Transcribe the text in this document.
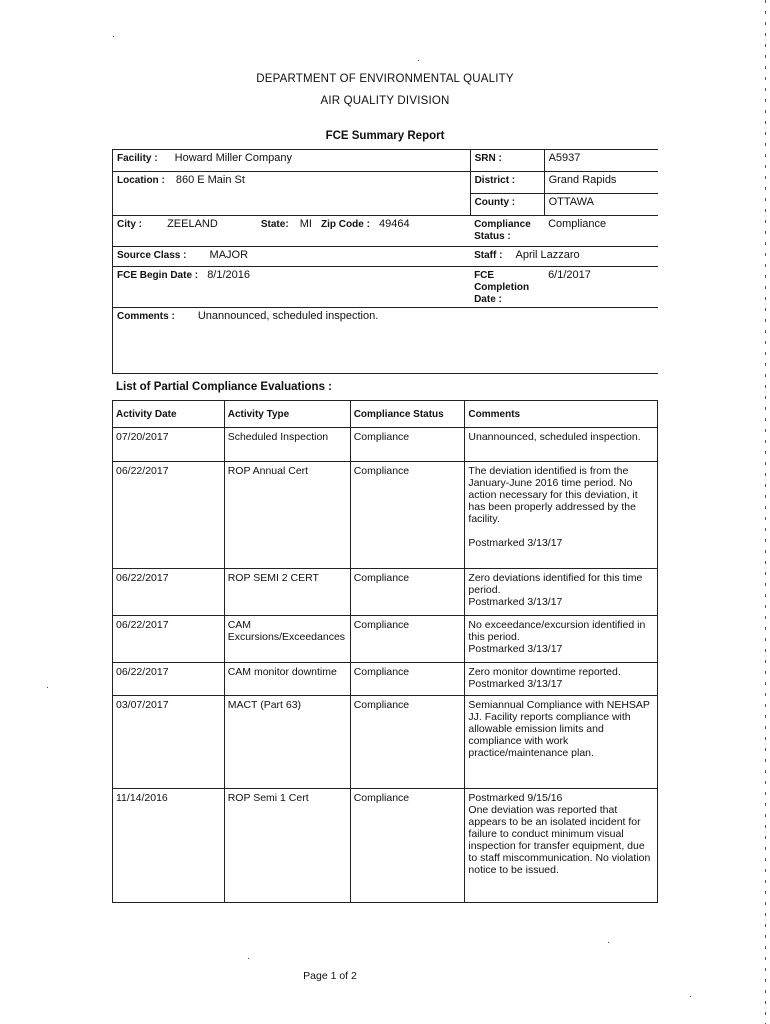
DEPARTMENT OF ENVIRONMENTAL QUALITY
AIR QUALITY DIVISION
FCE Summary Report
Facility : Howard Miller Company	SRN :	A5937
Location : 860 E Main St	District :	Grand Rapids
	County :	OTTAWA
City : ZEELAND State: MI Zip Code : 49464	Compliance Status :	Compliance
Source Class : MAJOR	Staff : April Lazzaro	
FCE Begin Date : 8/1/2016	FCE Completion Date :	6/1/2017
Comments : Unannounced, scheduled inspection.		
List of Partial Compliance Evaluations :
Activity Date	Activity Type	Compliance Status	Comments
07/20/2017	Scheduled Inspection	Compliance	Unannounced, scheduled inspection.
06/22/2017	ROP Annual Cert	Compliance	The deviation identified is from the January-June 2016 time period. No action necessary for this deviation, it has been properly addressed by the facility.

Postmarked 3/13/17
06/22/2017	ROP SEMI 2 CERT	Compliance	Zero deviations identified for this time period.
Postmarked 3/13/17
06/22/2017	CAM Excursions/Exceedances	Compliance	No exceedance/excursion identified in this period.
Postmarked 3/13/17
06/22/2017	CAM monitor downtime	Compliance	Zero monitor downtime reported.
Postmarked 3/13/17
03/07/2017	MACT (Part 63)	Compliance	Semiannual Compliance with NEHSAP JJ. Facility reports compliance with allowable emission limits and compliance with work practice/maintenance plan.
11/14/2016	ROP Semi 1 Cert	Compliance	Postmarked 9/15/16
One deviation was reported that appears to be an isolated incident for failure to conduct minimum visual inspection for transfer equipment, due to staff miscommunication. No violation notice to be issued.
Page 1 of 2
